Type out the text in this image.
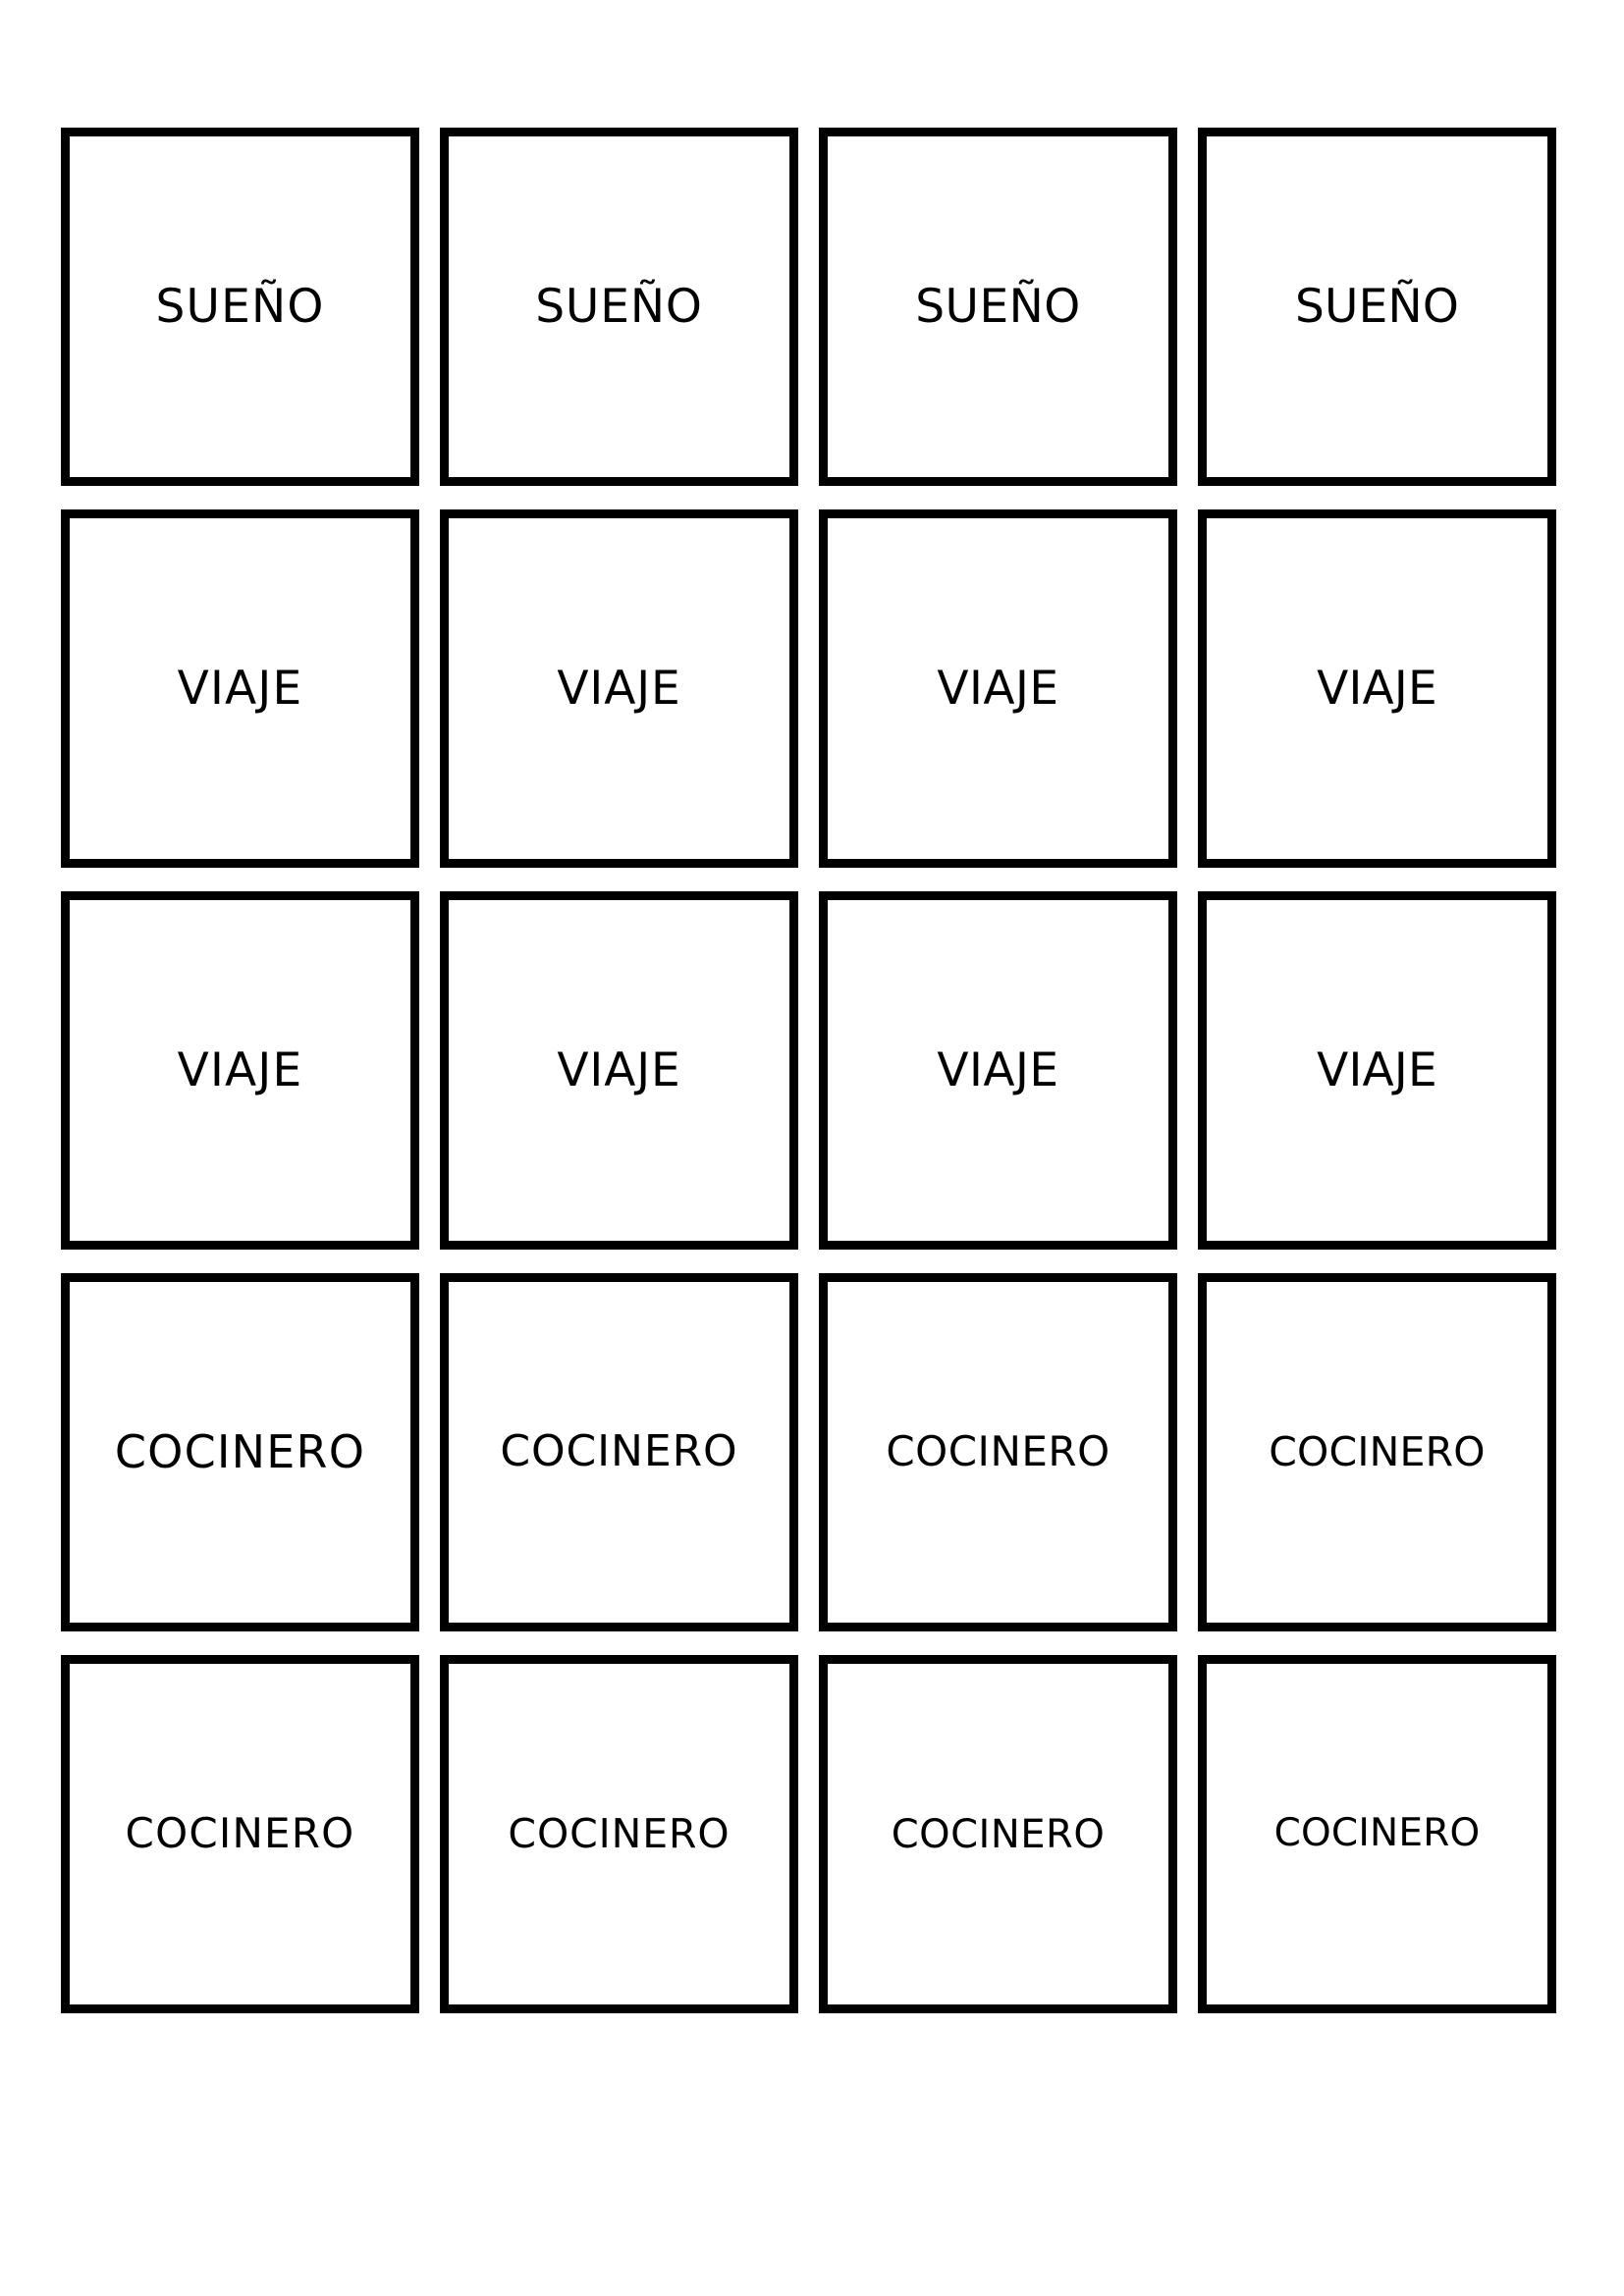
SUEÑO	SUEÑO	SUEÑO	SUEÑO
VIAJE	VIAJE	VIAJE	VIAJE
VIAJE	VIAJE	VIAJE	VIAJE
COCINERO	COCINERO	COCINERO	COCINERO
COCINERO	COCINERO	COCINERO	COCINERO
